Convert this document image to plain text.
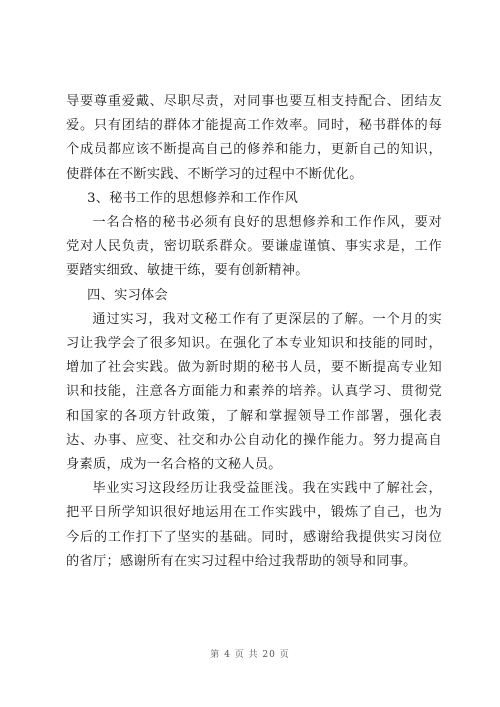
导要尊重爱戴、尽职尽责，对同事也要互相支持配合、团结友爱。只有团结的群体才能提高工作效率。同时，秘书群体的每个成员都应该不断提高自己的修养和能力，更新自己的知识，使群体在不断实践、不断学习的过程中不断优化。

3、秘书工作的思想修养和工作作风

一名合格的秘书必须有良好的思想修养和工作作风，要对党对人民负责，密切联系群众。要谦虚谨慎、事实求是，工作要踏实细致、敏捷干练，要有创新精神。

四、实习体会

通过实习，我对文秘工作有了更深层的了解。一个月的实习让我学会了很多知识。在强化了本专业知识和技能的同时，增加了社会实践。做为新时期的秘书人员，要不断提高专业知识和技能，注意各方面能力和素养的培养。认真学习、贯彻党和国家的各项方针政策，了解和掌握领导工作部署，强化表达、办事、应变、社交和办公自动化的操作能力。努力提高自身素质，成为一名合格的文秘人员。

毕业实习这段经历让我受益匪浅。我在实践中了解社会，把平日所学知识很好地运用在工作实践中，锻炼了自己，也为今后的工作打下了坚实的基础。同时，感谢给我提供实习岗位的省厅；感谢所有在实习过程中给过我帮助的领导和同事。

第 4 页 共 20 页
